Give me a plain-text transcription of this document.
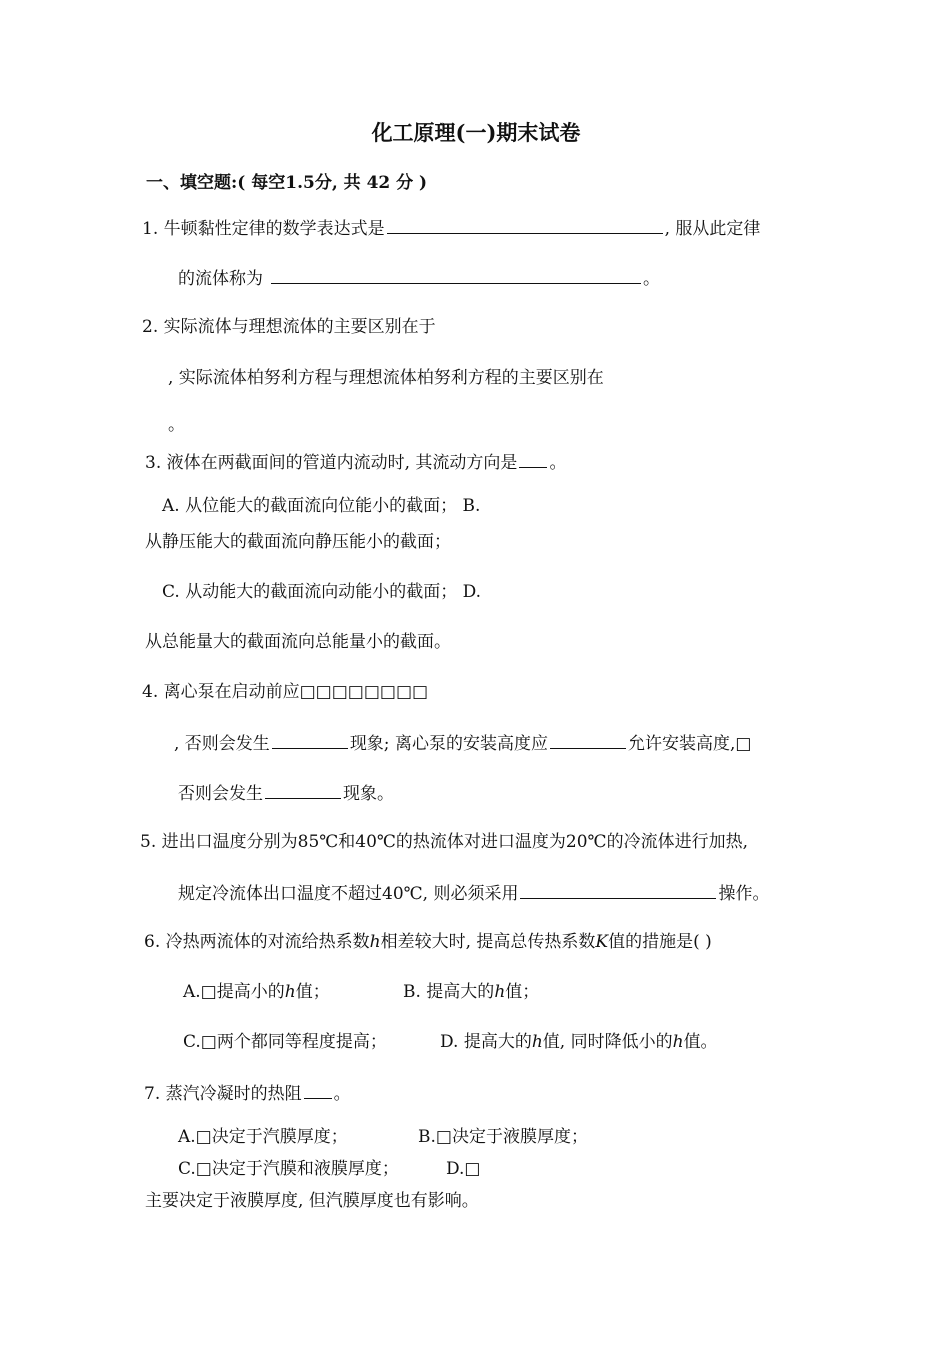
化工原理(一)期末试卷
一、填空题:( 每空1.5分, 共 42 分 )
1. 牛顿黏性定律的数学表达式是	, 服从此定律
的流体称为	。
2. 实际流体与理想流体的主要区别在于
, 实际流体柏努利方程与理想流体柏努利方程的主要区别在
。
3. 液体在两截面间的管道内流动时, 其流动方向是 。
A. 从位能大的截面流向位能小的截面； B.
从静压能大的截面流向静压能小的截面；
C. 从动能大的截面流向动能小的截面； D.
从总能量大的截面流向总能量小的截面。
4. 离心泵在启动前应□□□□□□□□
, 否则会发生	现象; 离心泵的安装高度应	允许安装高度,□
否则会发生	现象。
5. 进出口温度分别为85℃和40℃的热流体对进口温度为20℃的冷流体进行加热,
规定冷流体出口温度不超过40℃, 则必须采用	操作。
6. 冷热两流体的对流给热系数h相差较大时, 提高总传热系数K值的措施是( )
A.□提高小的h值；	B. 提高大的h值；
C.□两个都同等程度提高；	D. 提高大的h值, 同时降低小的h值。
7. 蒸汽冷凝时的热阻 。
A.□决定于汽膜厚度；	B.□决定于液膜厚度；
C.□决定于汽膜和液膜厚度；	D.□
主要决定于液膜厚度, 但汽膜厚度也有影响。
